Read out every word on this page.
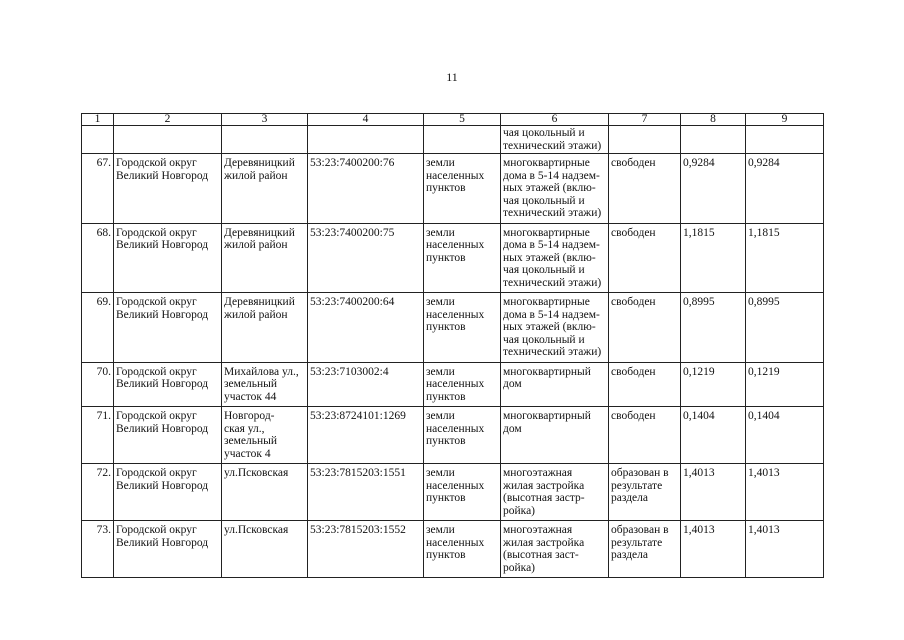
11
1	2	3	4	5	6	7	8	9
					чая цокольный и
технический этажи)			
67.	Городской округ
Великий Новгород	Деревяницкий
жилой район	53:23:7400200:76	земли
населенных
пунктов	многоквартирные
дома в 5-14 надзем-
ных этажей (вклю-
чая цокольный и
технический этажи)	свободен	0,9284	0,9284
68.	Городской округ
Великий Новгород	Деревяницкий
жилой район	53:23:7400200:75	земли
населенных
пунктов	многоквартирные
дома в 5-14 надзем-
ных этажей (вклю-
чая цокольный и
технический этажи)	свободен	1,1815	1,1815
69.	Городской округ
Великий Новгород	Деревяницкий
жилой район	53:23:7400200:64	земли
населенных
пунктов	многоквартирные
дома в 5-14 надзем-
ных этажей (вклю-
чая цокольный и
технический этажи)	свободен	0,8995	0,8995
70.	Городской округ
Великий Новгород	Михайлова ул.,
земельный
участок 44	53:23:7103002:4	земли
населенных
пунктов	многоквартирный
дом	свободен	0,1219	0,1219
71.	Городской округ
Великий Новгород	Новгород-
ская ул.,
земельный
участок 4	53:23:8724101:1269	земли
населенных
пунктов	многоквартирный
дом	свободен	0,1404	0,1404
72.	Городской округ
Великий Новгород	ул.Псковская	53:23:7815203:1551	земли
населенных
пунктов	многоэтажная
жилая застройка
(высотная застр-
ройка)	образован в
результате
раздела	1,4013	1,4013
73.	Городской округ
Великий Новгород	ул.Псковская	53:23:7815203:1552	земли
населенных
пунктов	многоэтажная
жилая застройка
(высотная заст-
ройка)	образован в
результате
раздела	1,4013	1,4013
